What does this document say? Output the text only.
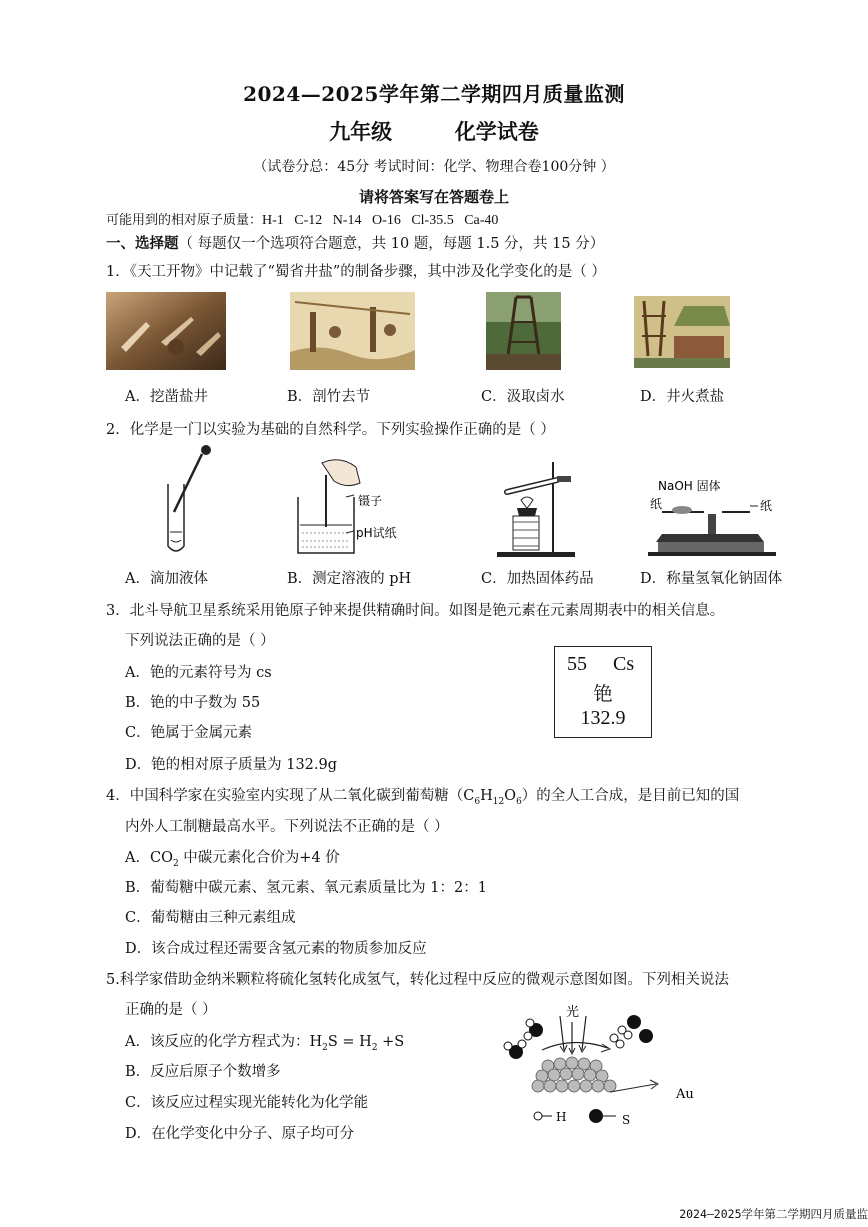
2024—2025学年第二学期四月质量监测
九年级	化学试卷
（试卷分总：45分 考试时间：化学、物理合卷100分钟 ）
请将答案写在答题卷上
可能用到的相对原子质量：H-1   C-12   N-14   O-16   Cl-35.5   Ca-40
一、选择题（ 每题仅一个选项符合题意，共 10 题，每题 1.5 分，共 15 分）
1．《天工开物》中记载了“蜀省井盐”的制备步骤，其中涉及化学变化的是（ ）
A．挖凿盐井	B．剖竹去节	C．汲取卤水	D．井火煮盐
2．化学是一门以实验为基础的自然科学。下列实验操作正确的是（ ）
镊子
pH试纸
NaOH 固体
纸	纸
A．滴加液体	B．测定溶液的 pH	C．加热固体药品	D．称量氢氧化钠固体
3．北斗导航卫星系统采用铯原子钟来提供精确时间。如图是铯元素在元素周期表中的相关信息。
下列说法正确的是（ ）
A．铯的元素符号为 cs
B．铯的中子数为 55
C．铯属于金属元素
D．铯的相对原子质量为 132.9g
55 Cs
铯
132.9
4．中国科学家在实验室内实现了从二氧化碳到葡萄糖$(C_6H_{12}O_6)$的全人工合成，是目前已知的国
内外人工制糖最高水平。下列说法不正确的是（ ）
A．$CO_2$ 中碳元素化合价为+4 价
B．葡萄糖中碳元素、氢元素、氧元素质量比为 1：2：1
C．葡萄糖由三种元素组成
D．该合成过程还需要含氢元素的物质参加反应
5.科学家借助金纳米颗粒将硫化氢转化成氢气，转化过程中反应的微观示意图如图。下列相关说法
正确的是（ ）
A．该反应的化学方程式为：$H_2S = H_2 +S$
B．反应后原子个数增多
C．该反应过程实现光能转化为化学能
D．在化学变化中分子、原子均可分
光
Au
H	S
2024—2025学年第二学期四月质量监
